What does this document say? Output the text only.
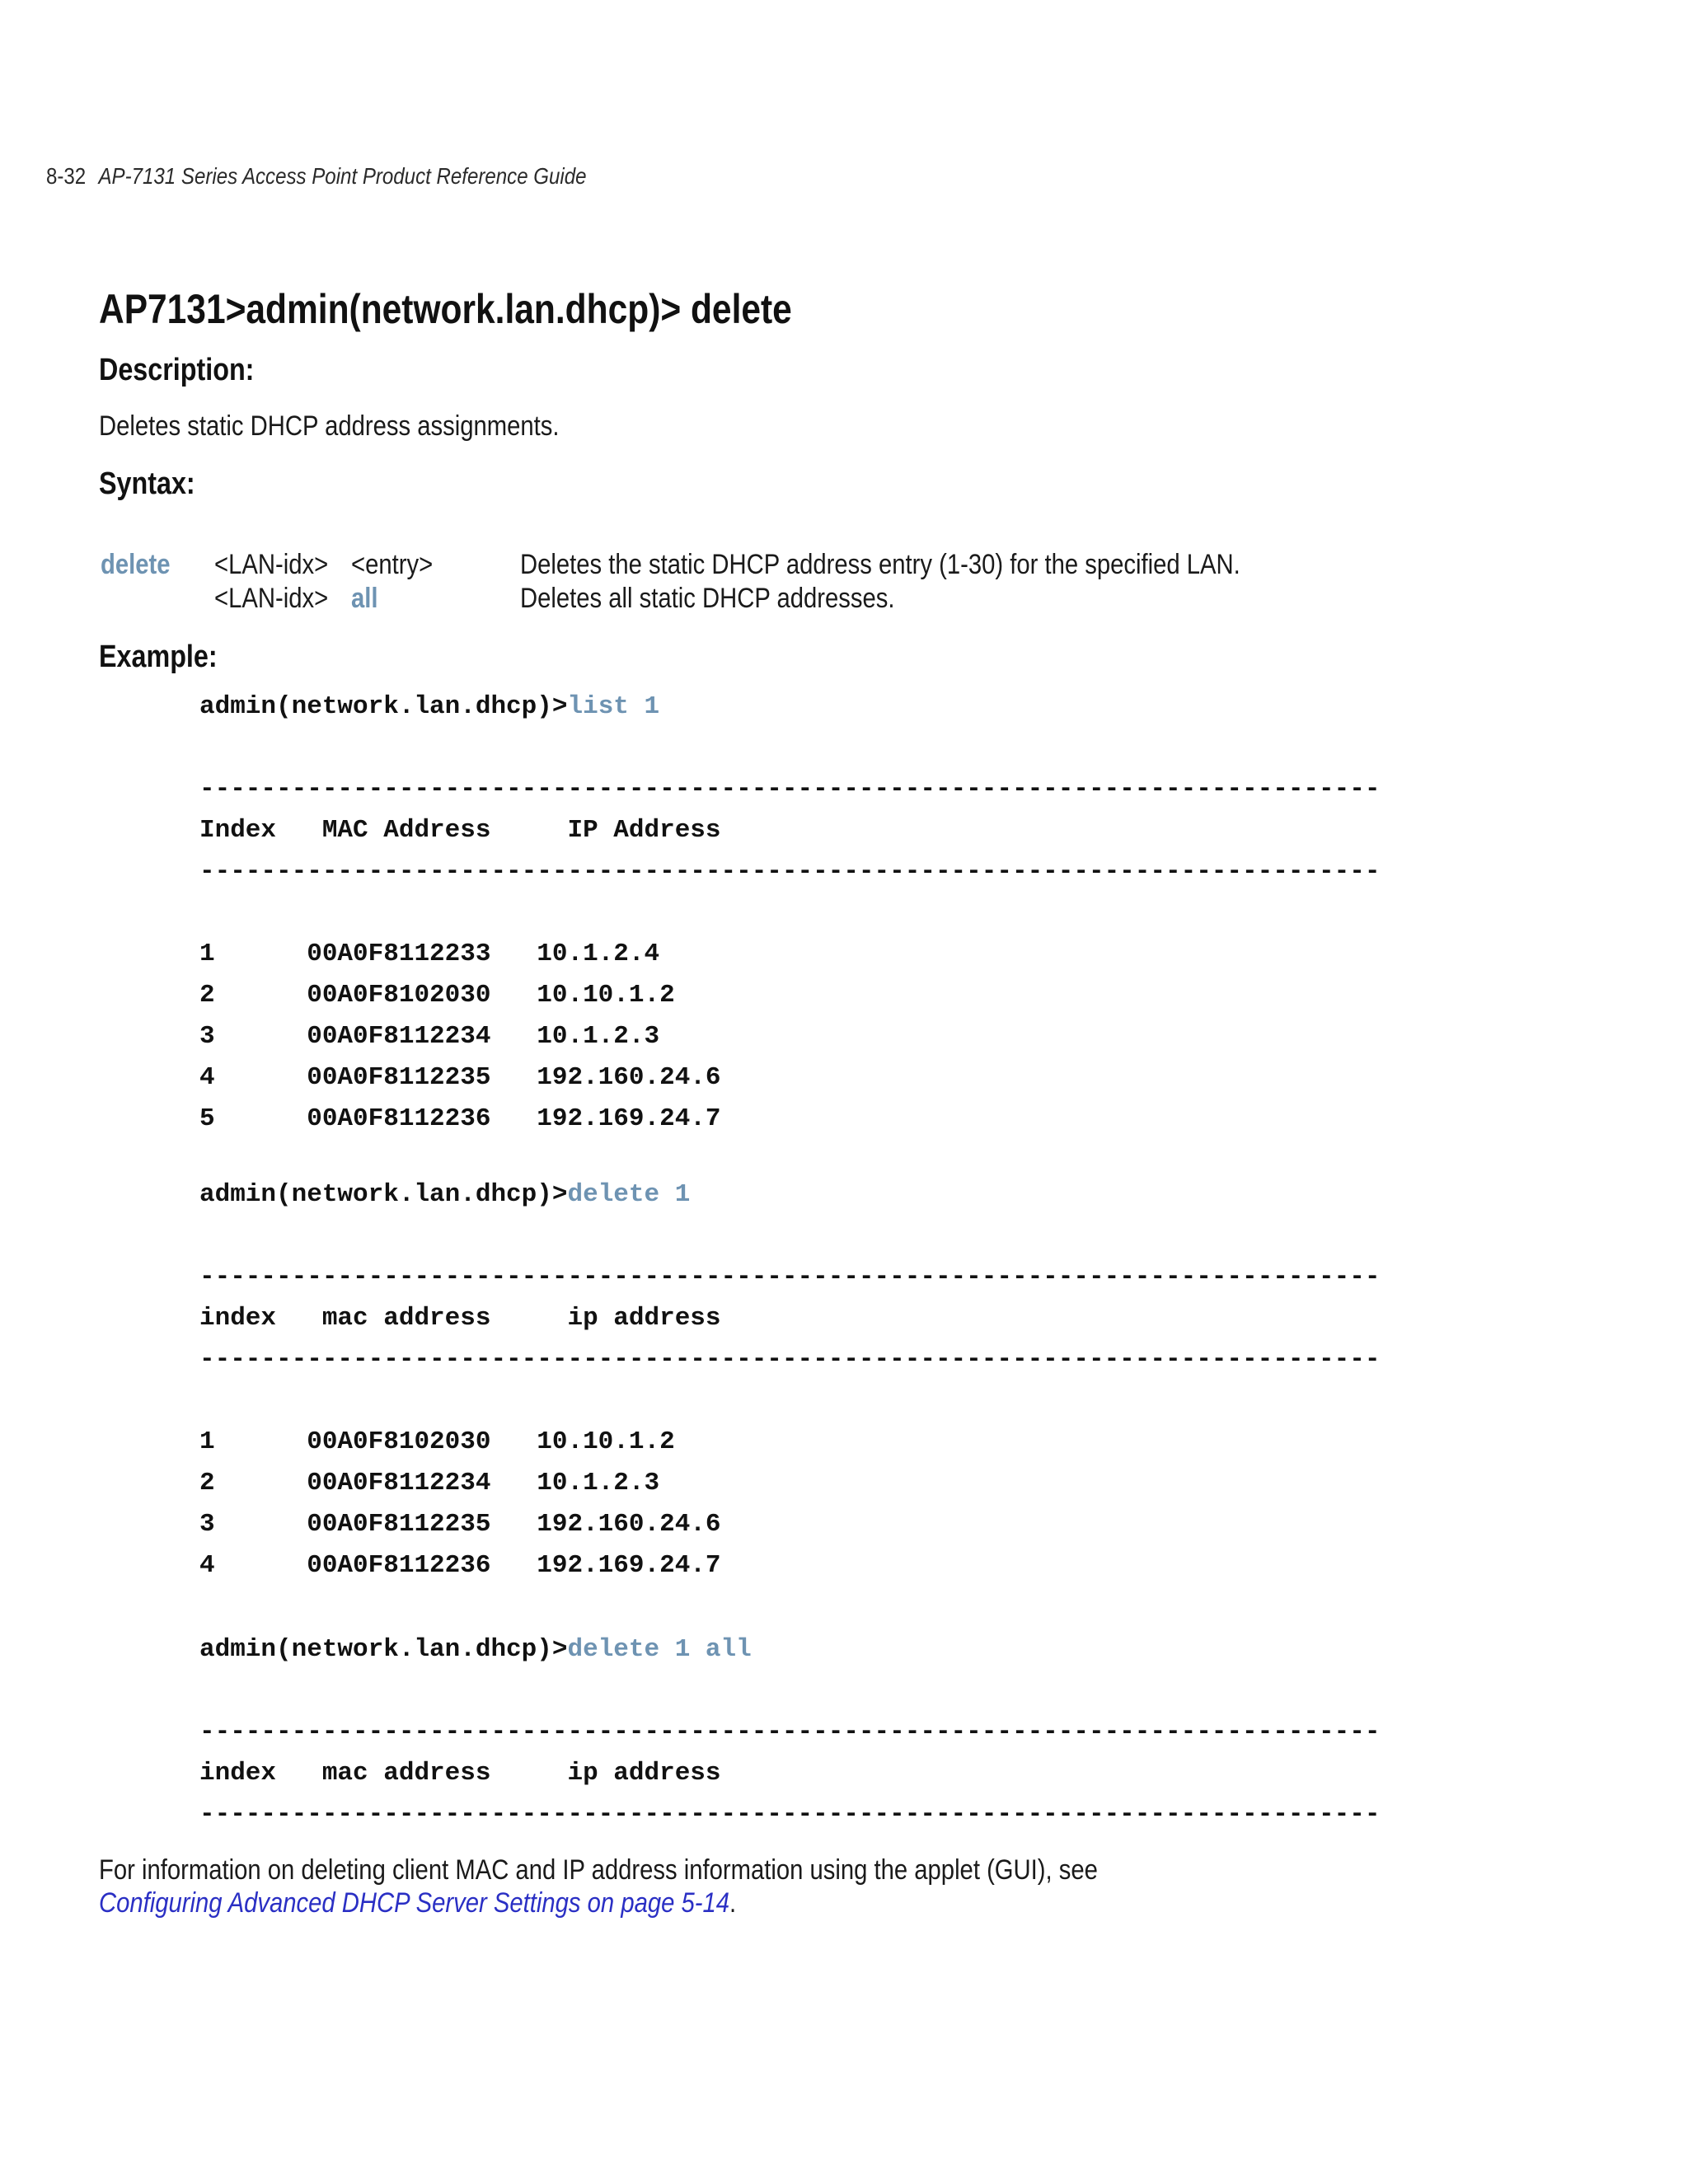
8-32 AP-7131 Series Access Point Product Reference Guide
AP7131>admin(network.lan.dhcp)> delete
Description:
Deletes static DHCP address assignments.
Syntax:
delete <LAN-idx> <entry>	Deletes the static DHCP address entry (1-30) for the specified LAN.
<LAN-idx> all	Deletes all static DHCP addresses.
Example:
admin(network.lan.dhcp)>list 1
-----------------------------------------------------------------------------
Index   MAC Address     IP Address
-----------------------------------------------------------------------------
1      00A0F8112233   10.1.2.4
2      00A0F8102030   10.10.1.2
3      00A0F8112234   10.1.2.3
4      00A0F8112235   192.160.24.6
5      00A0F8112236   192.169.24.7
admin(network.lan.dhcp)>delete 1
-----------------------------------------------------------------------------
index   mac address     ip address
-----------------------------------------------------------------------------
1      00A0F8102030   10.10.1.2
2      00A0F8112234   10.1.2.3
3      00A0F8112235   192.160.24.6
4      00A0F8112236   192.169.24.7
admin(network.lan.dhcp)>delete 1 all
-----------------------------------------------------------------------------
index   mac address     ip address
-----------------------------------------------------------------------------
For information on deleting client MAC and IP address information using the applet (GUI), see
Configuring Advanced DHCP Server Settings on page 5-14.
